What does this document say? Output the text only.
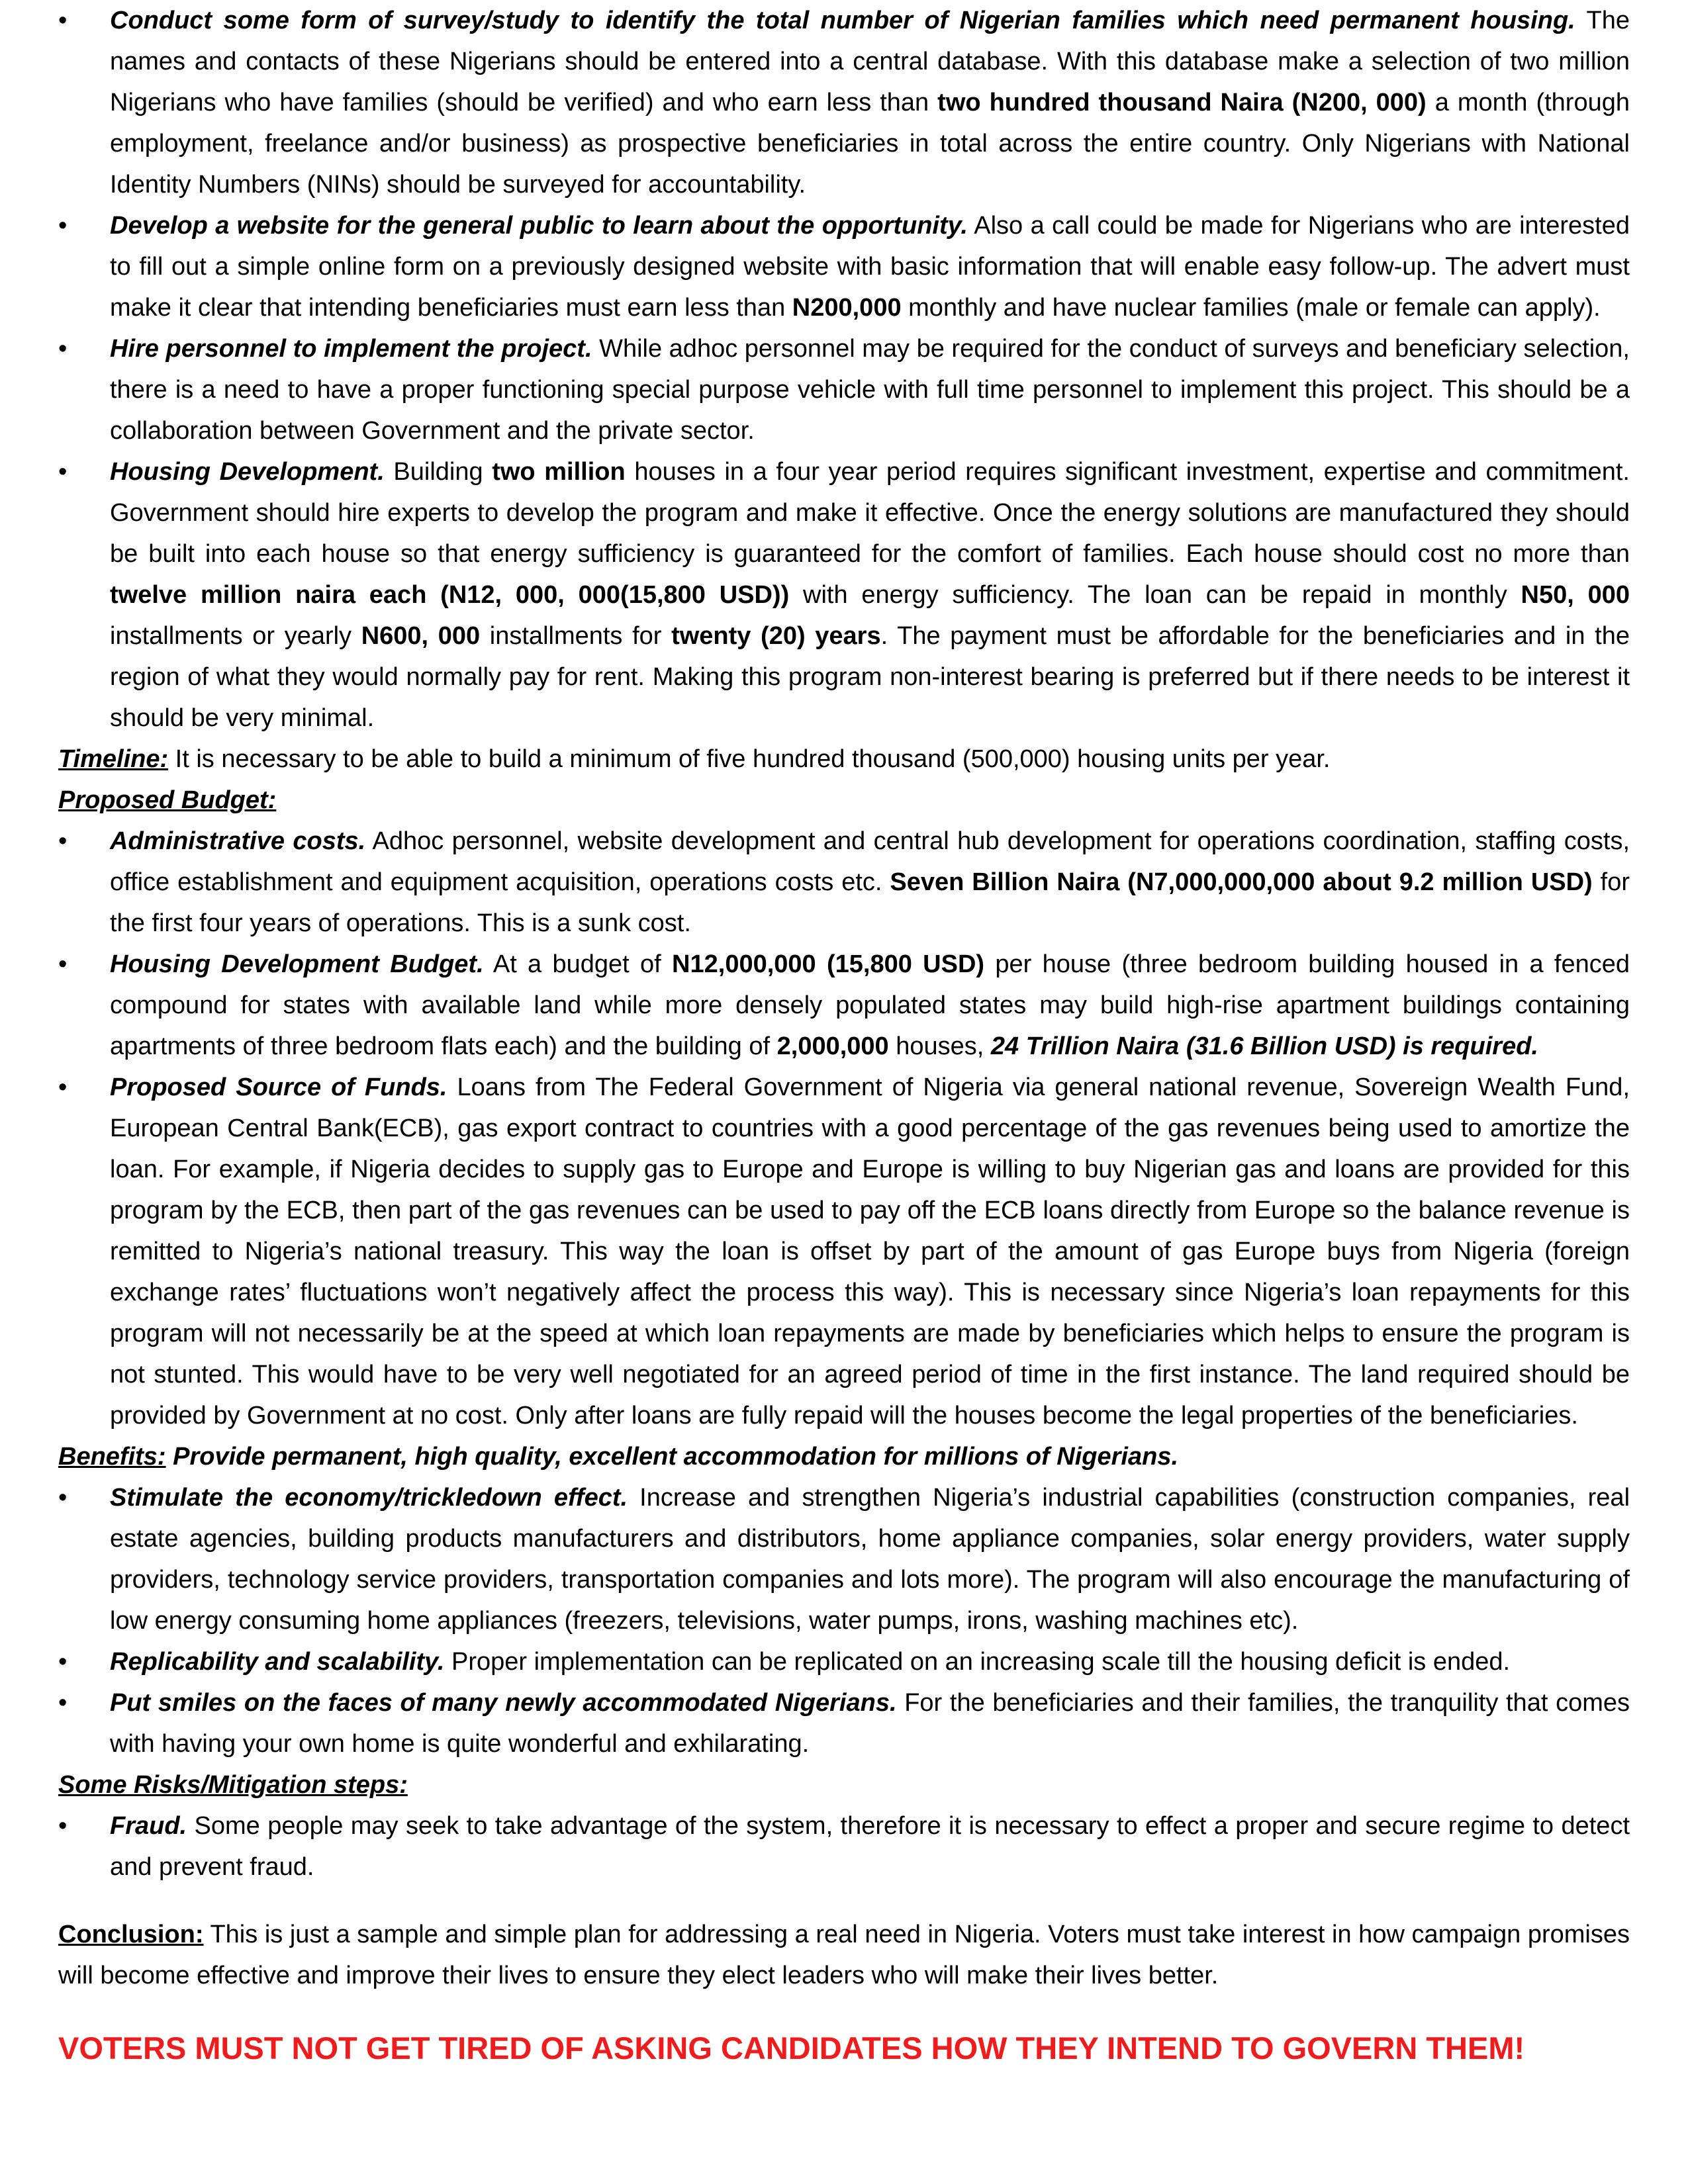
• Conduct some form of survey/study to identify the total number of Nigerian families which need permanent housing. The names and contacts of these Nigerians should be entered into a central database. With this database make a selection of two million Nigerians who have families (should be verified) and who earn less than two hundred thousand Naira (N200, 000) a month (through employment, freelance and/or business) as prospective beneficiaries in total across the entire country. Only Nigerians with National Identity Numbers (NINs) should be surveyed for accountability.
• Develop a website for the general public to learn about the opportunity. Also a call could be made for Nigerians who are interested to fill out a simple online form on a previously designed website with basic information that will enable easy follow-up. The advert must make it clear that intending beneficiaries must earn less than N200,000 monthly and have nuclear families (male or female can apply).
• Hire personnel to implement the project. While adhoc personnel may be required for the conduct of surveys and beneficiary selection, there is a need to have a proper functioning special purpose vehicle with full time personnel to implement this project. This should be a collaboration between Government and the private sector.
• Housing Development. Building two million houses in a four year period requires significant investment, expertise and commitment. Government should hire experts to develop the program and make it effective. Once the energy solutions are manufactured they should be built into each house so that energy sufficiency is guaranteed for the comfort of families. Each house should cost no more than twelve million naira each (N12, 000, 000(15,800 USD)) with energy sufficiency. The loan can be repaid in monthly N50, 000 installments or yearly N600, 000 installments for twenty (20) years. The payment must be affordable for the beneficiaries and in the region of what they would normally pay for rent. Making this program non-interest bearing is preferred but if there needs to be interest it should be very minimal.

Timeline: It is necessary to be able to build a minimum of five hundred thousand (500,000) housing units per year.

Proposed Budget:

• Administrative costs. Adhoc personnel, website development and central hub development for operations coordination, staffing costs, office establishment and equipment acquisition, operations costs etc. Seven Billion Naira (N7,000,000,000 about 9.2 million USD) for the first four years of operations. This is a sunk cost.
• Housing Development Budget. At a budget of N12,000,000 (15,800 USD) per house (three bedroom building housed in a fenced compound for states with available land while more densely populated states may build high-rise apartment buildings containing apartments of three bedroom flats each) and the building of 2,000,000 houses, 24 Trillion Naira (31.6 Billion USD) is required.
• Proposed Source of Funds. Loans from The Federal Government of Nigeria via general national revenue, Sovereign Wealth Fund, European Central Bank(ECB), gas export contract to countries with a good percentage of the gas revenues being used to amortize the loan. For example, if Nigeria decides to supply gas to Europe and Europe is willing to buy Nigerian gas and loans are provided for this program by the ECB, then part of the gas revenues can be used to pay off the ECB loans directly from Europe so the balance revenue is remitted to Nigeria’s national treasury. This way the loan is offset by part of the amount of gas Europe buys from Nigeria (foreign exchange rates’ fluctuations won’t negatively affect the process this way). This is necessary since Nigeria’s loan repayments for this program will not necessarily be at the speed at which loan repayments are made by beneficiaries which helps to ensure the program is not stunted. This would have to be very well negotiated for an agreed period of time in the first instance. The land required should be provided by Government at no cost. Only after loans are fully repaid will the houses become the legal properties of the beneficiaries.

Benefits: Provide permanent, high quality, excellent accommodation for millions of Nigerians.

• Stimulate the economy/trickledown effect. Increase and strengthen Nigeria’s industrial capabilities (construction companies, real estate agencies, building products manufacturers and distributors, home appliance companies, solar energy providers, water supply providers, technology service providers, transportation companies and lots more). The program will also encourage the manufacturing of low energy consuming home appliances (freezers, televisions, water pumps, irons, washing machines etc).
• Replicability and scalability. Proper implementation can be replicated on an increasing scale till the housing deficit is ended.
• Put smiles on the faces of many newly accommodated Nigerians. For the beneficiaries and their families, the tranquility that comes with having your own home is quite wonderful and exhilarating.

Some Risks/Mitigation steps:

• Fraud. Some people may seek to take advantage of the system, therefore it is necessary to effect a proper and secure regime to detect and prevent fraud.

Conclusion: This is just a sample and simple plan for addressing a real need in Nigeria. Voters must take interest in how campaign promises will become effective and improve their lives to ensure they elect leaders who will make their lives better.

VOTERS MUST NOT GET TIRED OF ASKING CANDIDATES HOW THEY INTEND TO GOVERN THEM!
